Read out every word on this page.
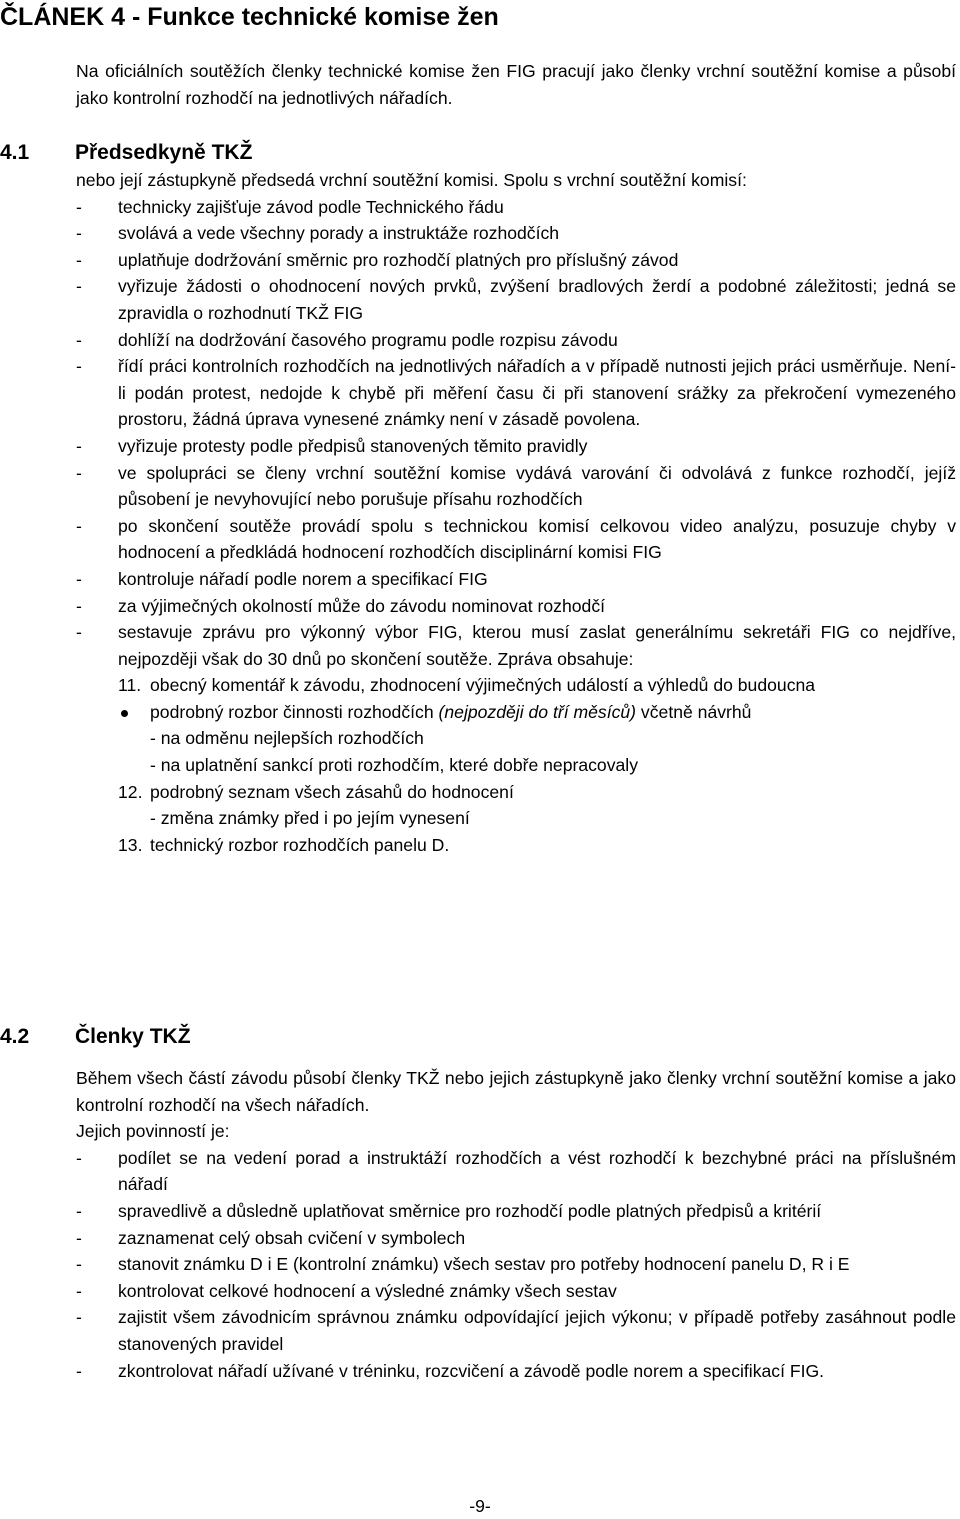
ČLÁNEK 4 - Funkce technické komise žen

Na oficiálních soutěžích členky technické komise žen FIG pracují jako členky vrchní soutěžní komise a působí jako kontrolní rozhodčí na jednotlivých nářadích.

4.1 Předsedkyně TKŽ

nebo její zástupkyně předsedá vrchní soutěžní komisi. Spolu s vrchní soutěžní komisí:

- technicky zajišťuje závod podle Technického řádu
- svolává a vede všechny porady a instruktáže rozhodčích
- uplatňuje dodržování směrnic pro rozhodčí platných pro příslušný závod
- vyřizuje žádosti o ohodnocení nových prvků, zvýšení bradlových žerdí a podobné záležitosti; jedná se zpravidla o rozhodnutí TKŽ FIG
- dohlíží na dodržování časového programu podle rozpisu závodu
- řídí práci kontrolních rozhodčích na jednotlivých nářadích a v případě nutnosti jejich práci usměrňuje. Není-li podán protest, nedojde k chybě při měření času či při stanovení srážky za překročení vymezeného prostoru, žádná úprava vynesené známky není v zásadě povolena.
- vyřizuje protesty podle předpisů stanovených těmito pravidly
- ve spolupráci se členy vrchní soutěžní komise vydává varování či odvolává z funkce rozhodčí, jejíž působení je nevyhovující nebo porušuje přísahu rozhodčích
- po skončení soutěže provádí spolu s technickou komisí celkovou video analýzu, posuzuje chyby v hodnocení a předkládá hodnocení rozhodčích disciplinární komisi FIG
- kontroluje nářadí podle norem a specifikací FIG
- za výjimečných okolností může do závodu nominovat rozhodčí
- sestavuje zprávu pro výkonný výbor FIG, kterou musí zaslat generálnímu sekretáři FIG co nejdříve, nejpozději však do 30 dnů po skončení soutěže. Zpráva obsahuje:
11. obecný komentář k závodu, zhodnocení výjimečných událostí a výhledů do budoucna
podrobný rozbor činnosti rozhodčích (nejpozději do tří měsíců) včetně návrhů
- na odměnu nejlepších rozhodčích
- na uplatnění sankcí proti rozhodčím, které dobře nepracovaly
12. podrobný seznam všech zásahů do hodnocení
- změna známky před i po jejím vynesení
13. technický rozbor rozhodčích panelu D.
4.2 Členky TKŽ

Během všech částí závodu působí členky TKŽ nebo jejich zástupkyně jako členky vrchní soutěžní komise a jako kontrolní rozhodčí na všech nářadích.

Jejich povinností je:

- podílet se na vedení porad a instruktáží rozhodčích a vést rozhodčí k bezchybné práci na příslušném nářadí
- spravedlivě a důsledně uplatňovat směrnice pro rozhodčí podle platných předpisů a kritérií
- zaznamenat celý obsah cvičení v symbolech
- stanovit známku D i E (kontrolní známku) všech sestav pro potřeby hodnocení panelu D, R i E
- kontrolovat celkové hodnocení a výsledné známky všech sestav
- zajistit všem závodnicím správnou známku odpovídající jejich výkonu; v případě potřeby zasáhnout podle stanovených pravidel
- zkontrolovat nářadí užívané v tréninku, rozcvičení a závodě podle norem a specifikací FIG.
-9-
